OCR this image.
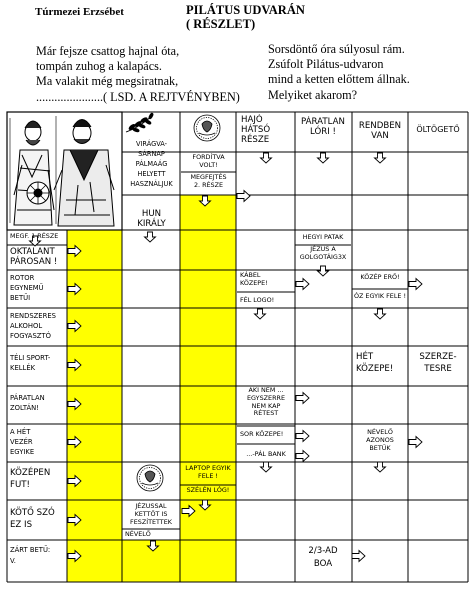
Túrmezei Erzsébet	PILÁTUS UDVARÁN
( RÉSZLET)
Már fejsze csattog hajnal óta,
tompán zuhog a kalapács.
Ma valakit még megsiratnak,
......................( LSD. A REJTVÉNYBEN)
Sorsdöntő óra súlyosul rám.
Zsúfolt Pilátus-udvaron
mind a ketten előttem állnak.
Melyiket akarom?
VIRÁGVA-
SÁRNAP
PÁLMAÁG
HELYETT
HASZNÁLJUK
FORDÍTVA
VOLT!
MEGFEJTÉS
2. RÉSZE
HUN
KIRÁLY
HAJÓ
HÁTSÓ
RÉSZE
PÁRATLAN
LÓRI !
RENDBEN
VAN
ÖLTÖGETŐ
MEGF. 1 RÉSZE
OKTALANT
PÁROSAN !
HEGYI PATAK
JÉZUS A
GOLGOTÁIG3X
ROTOR
EGYNEMŰ
BETŰI
KÁBEL
KÖZEPE!
FÉL LOGO!
KÖZÉP ERŐ!
ÓZ EGYIK FELE !
RENDSZERES
ALKOHOL
FOGYASZTÓ
TÉLI SPORT-
KELLÉK
HÉT
KÖZEPE!
SZERZE-
TESRE
PÁRATLAN
ZOLTÁN!
AKI NEM ...
EGYSZERRE
NEM KAP
RÉTEST
A HÉT
VEZÉR
EGYIKE
SOR KÖZEPE!	NÉVELŐ
AZONOS
BETŰK
...-PÁL BANK
KÖZÉPEN
FUT!
LAPTOP EGYIK
FELE !
SZÉLÉN LÓG!
KÖTŐ SZÓ
EZ IS
JÉZUSSAL
KETTŐT IS
FESZÍTETTEK
NÉVELŐ
ZÁRT BETŰ:
V.
2/3-AD
BOA
